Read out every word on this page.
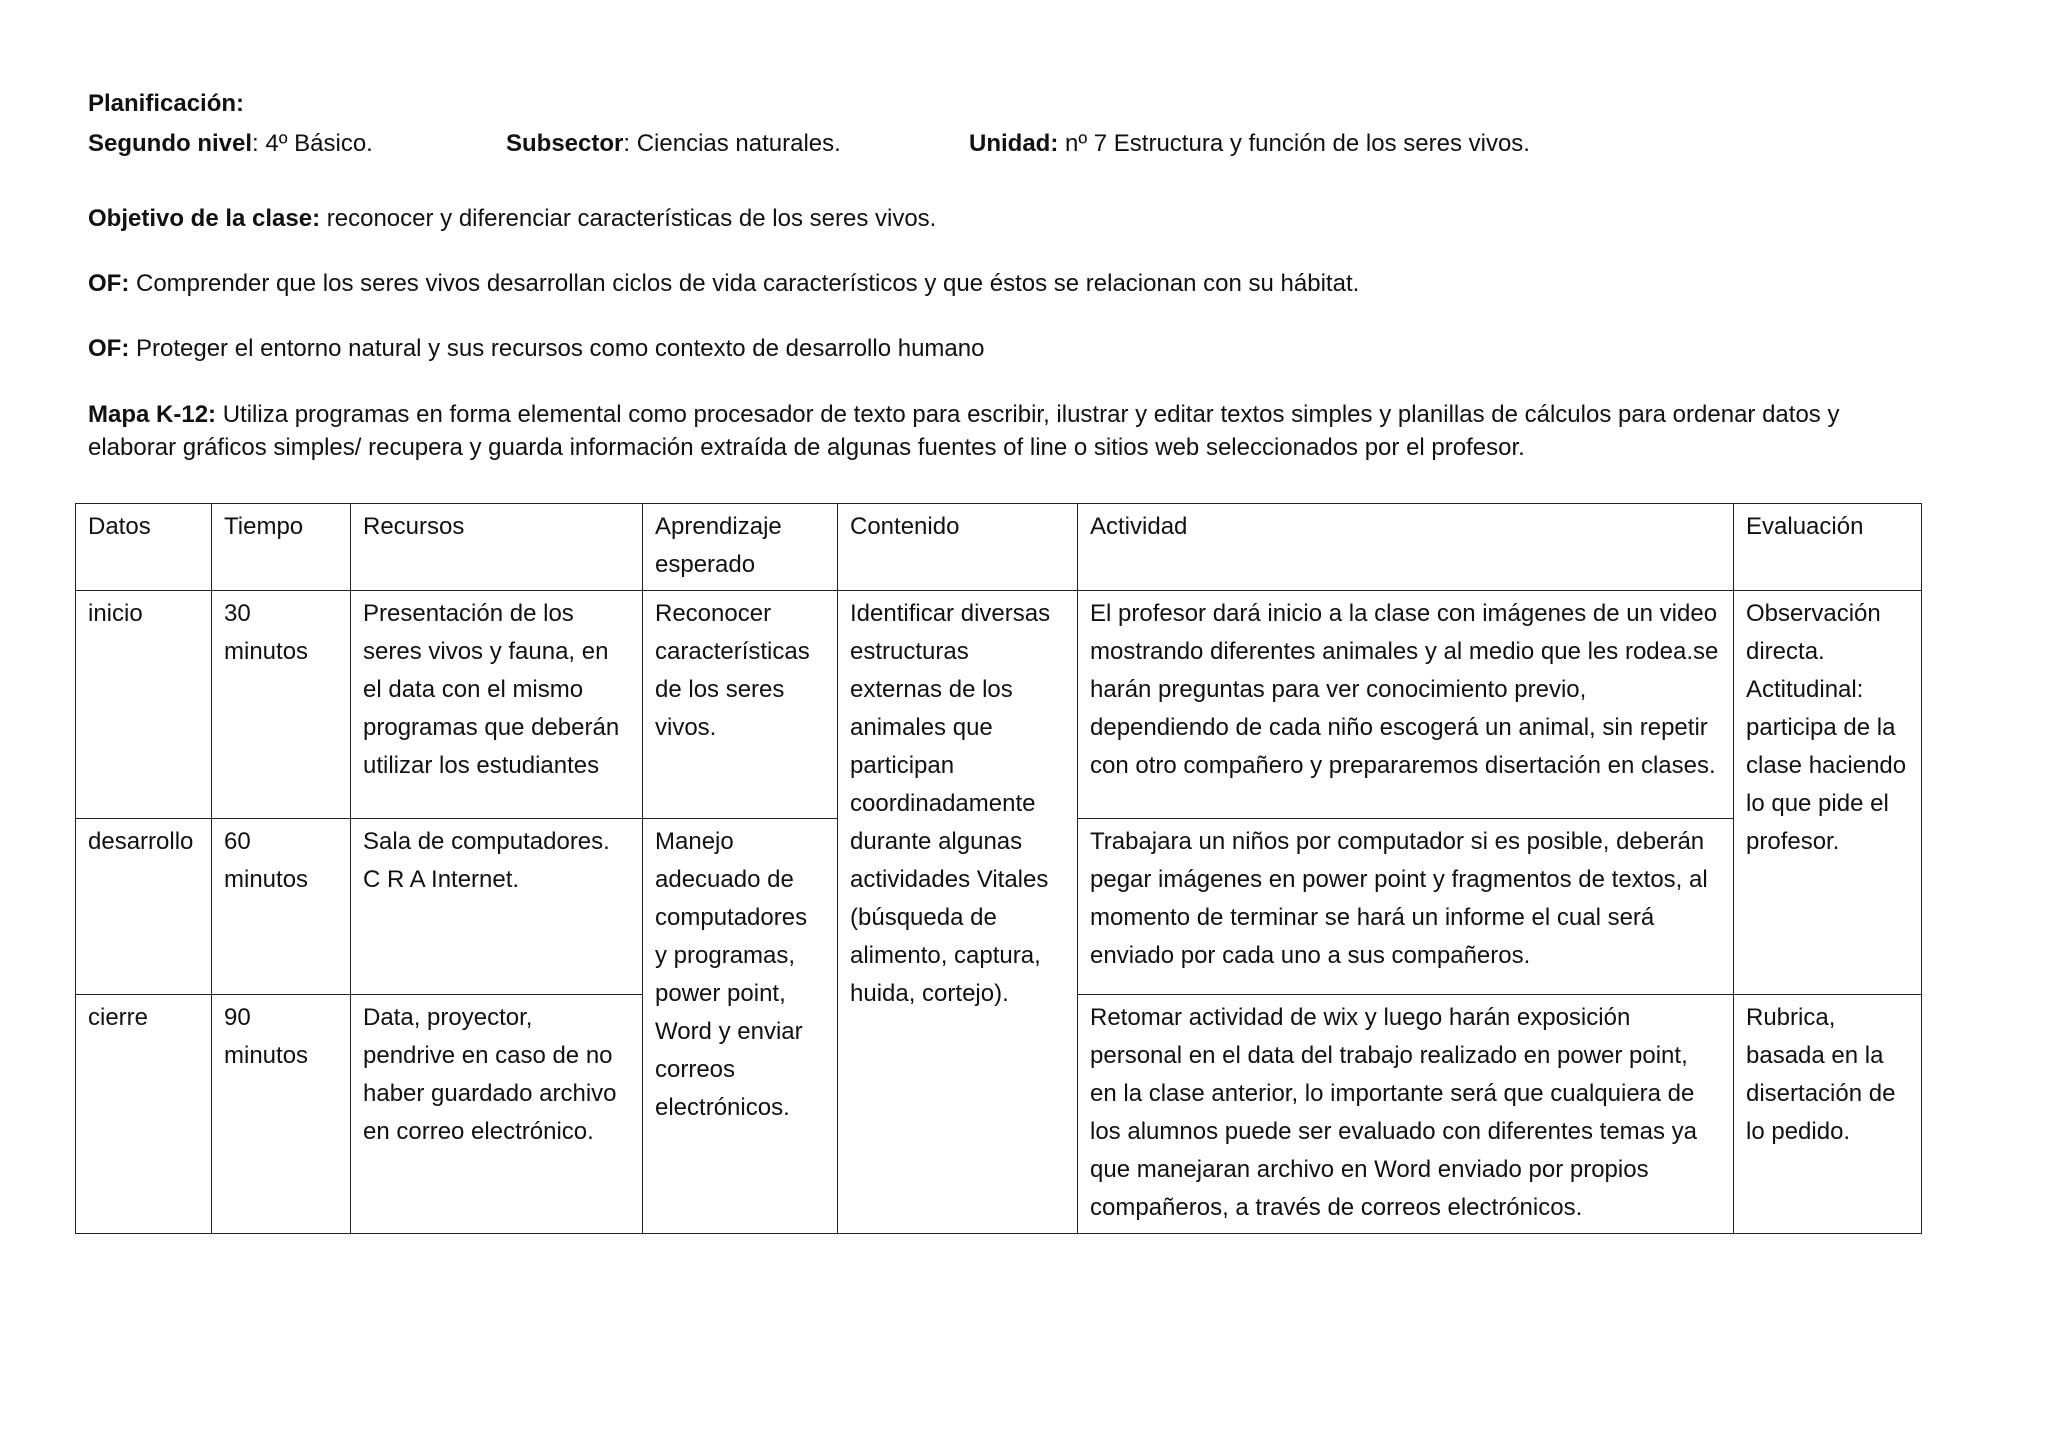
Planificación:
Segundo nivel: 4º Básico.	Subsector: Ciencias naturales.	Unidad: nº 7 Estructura y función de los seres vivos.
Objetivo de la clase: reconocer y diferenciar características de los seres vivos.
OF: Comprender que los seres vivos desarrollan ciclos de vida característicos y que éstos se relacionan con su hábitat.
OF: Proteger el entorno natural y sus recursos como contexto de desarrollo humano
Mapa K-12: Utiliza programas en forma elemental como procesador de texto para escribir, ilustrar y editar textos simples y planillas de cálculos para ordenar datos y elaborar gráficos simples/ recupera y guarda información extraída de algunas fuentes of line o sitios web seleccionados por el profesor.
Datos	Tiempo	Recursos	Aprendizaje esperado	Contenido	Actividad	Evaluación
inicio	30 minutos	Presentación de los seres vivos y fauna, en el data con el mismo programas que deberán utilizar los estudiantes	Reconocer características de los seres vivos.	Identificar diversas estructuras externas de los animales que participan coordinadamente durante algunas actividades Vitales (búsqueda de alimento, captura, huida, cortejo).	El profesor dará inicio a la clase con imágenes de un video mostrando diferentes animales y al medio que les rodea.se harán preguntas para ver conocimiento previo, dependiendo de cada niño escogerá un animal, sin repetir con otro compañero y prepararemos disertación en clases.	Observación directa. Actitudinal: participa de la clase haciendo lo que pide el profesor.
desarrollo	60 minutos	Sala de computadores. C R A Internet.	Manejo adecuado de computadores y programas, power point, Word y enviar correos electrónicos.		Trabajara un niños por computador si es posible, deberán pegar imágenes en power point y fragmentos de textos, al momento de terminar se hará un informe el cual será enviado por cada uno a sus compañeros.	
cierre	90 minutos	Data, proyector, pendrive en caso de no haber guardado archivo en correo electrónico.			Retomar actividad de wix y luego harán exposición personal en el data del trabajo realizado en power point, en la clase anterior, lo importante será que cualquiera de los alumnos puede ser evaluado con diferentes temas ya que manejaran archivo en Word enviado por propios compañeros, a través de correos electrónicos.	Rubrica, basada en la disertación de lo pedido.
